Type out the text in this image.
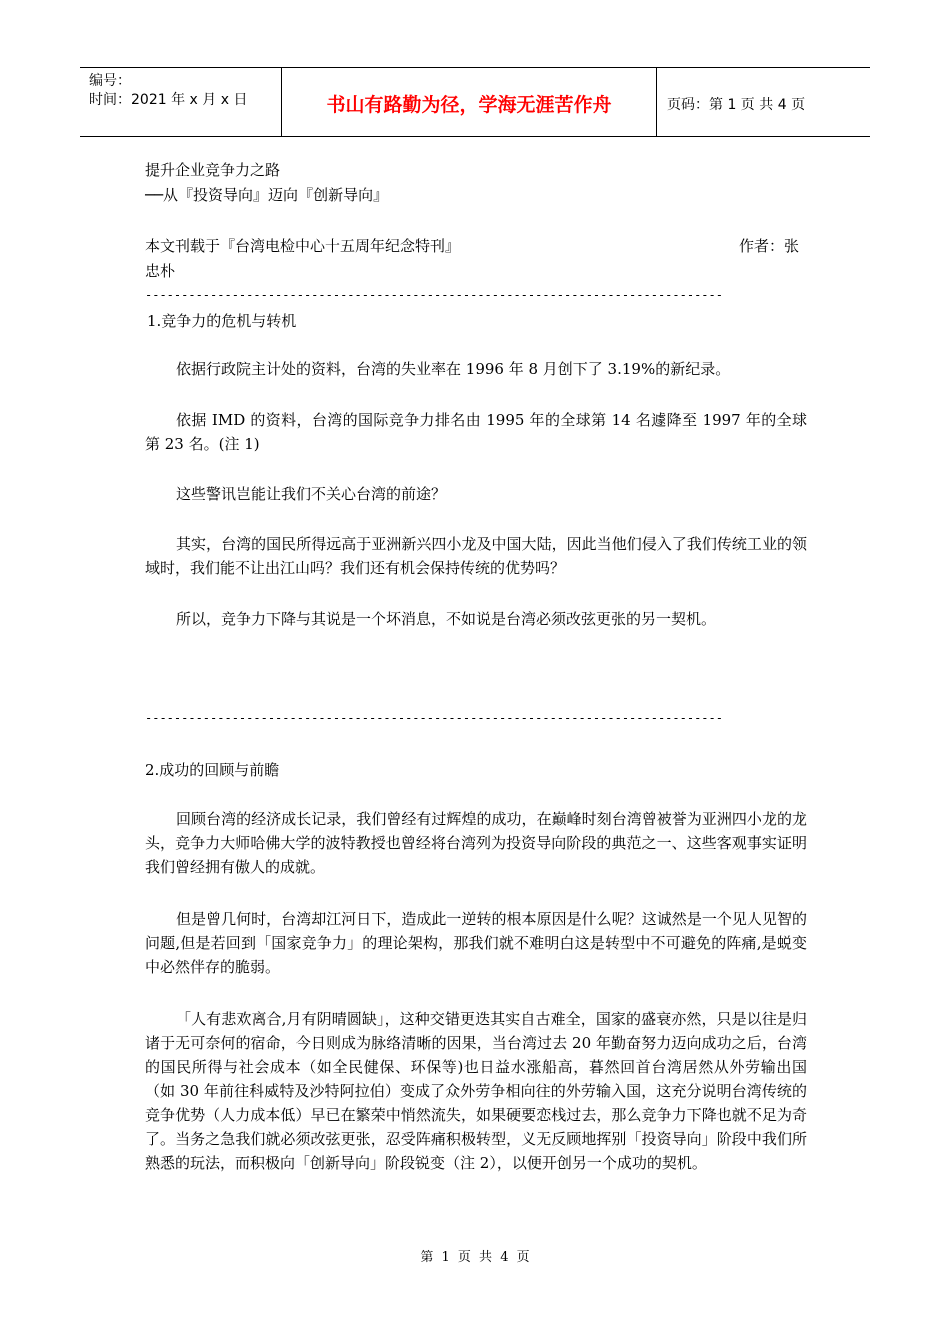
编号：
时间：2021 年 x 月 x 日	书山有路勤为径，学海无涯苦作舟	页码：第 1 页 共 4 页
提升企业竞争力之路
──从『投资导向』迈向『创新导向』
本文刊载于『台湾电检中心十五周年纪念特刊』	作者：张
忠朴
--------------------------------------------------------------------------------
1.竞争力的危机与转机
依据行政院主计处的资料，台湾的失业率在 1996 年 8 月创下了 3.19%的新纪录。
依据 IMD 的资料，台湾的国际竞争力排名由 1995 年的全球第 14 名遽降至 1997 年的全球第 23 名。(注 1)
这些警讯岂能让我们不关心台湾的前途？
其实，台湾的国民所得远高于亚洲新兴四小龙及中国大陆，因此当他们侵入了我们传统工业的领域时，我们能不让出江山吗？我们还有机会保持传统的优势吗？
所以，竞争力下降与其说是一个坏消息，不如说是台湾必须改弦更张的另一契机。
--------------------------------------------------------------------------------
2.成功的回顾与前瞻
回顾台湾的经济成长记录，我们曾经有过辉煌的成功，在巅峰时刻台湾曾被誉为亚洲四小龙的龙头，竞争力大师哈佛大学的波特教授也曾经将台湾列为投资导向阶段的典范之一、这些客观事实证明我们曾经拥有傲人的成就。
但是曾几何时，台湾却江河日下，造成此一逆转的根本原因是什么呢？这诚然是一个见人见智的问题,但是若回到「国家竞争力」的理论架构，那我们就不难明白这是转型中不可避免的阵痛,是蜕变中必然伴存的脆弱。
「人有悲欢离合,月有阴晴圆缺」，这种交错更迭其实自古难全，国家的盛衰亦然，只是以往是归诸于无可奈何的宿命，今日则成为脉络清晰的因果，当台湾过去 20 年勤奋努力迈向成功之后，台湾的国民所得与社会成本（如全民健保、环保等)也日益水涨船高，暮然回首台湾居然从外劳输出国（如 30 年前往科威特及沙特阿拉伯）变成了众外劳争相向往的外劳输入国，这充分说明台湾传统的竞争优势（人力成本低）早已在繁荣中悄然流失，如果硬要恋栈过去，那么竞争力下降也就不足为奇了。当务之急我们就必须改弦更张，忍受阵痛积极转型，义无反顾地挥别「投资导向」阶段中我们所熟悉的玩法，而积极向「创新导向」阶段锐变（注 2），以便开创另一个成功的契机。
第 1 页 共 4 页
